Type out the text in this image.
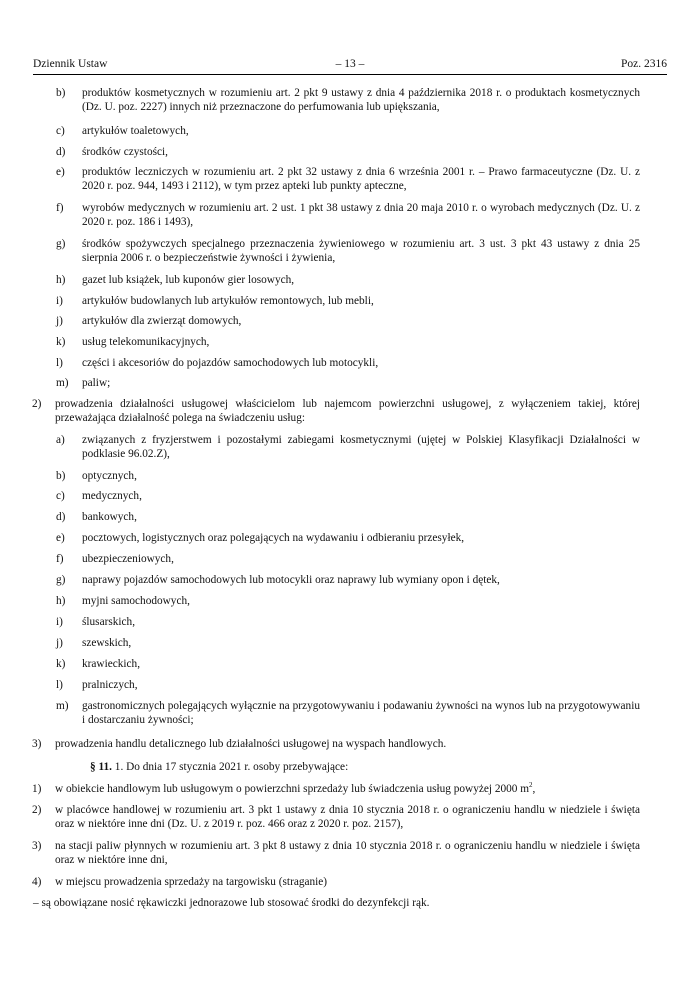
Dziennik Ustaw	– 13 –	Poz. 2316
b) produktów kosmetycznych w rozumieniu art. 2 pkt 9 ustawy z dnia 4 października 2018 r. o produktach kosmetycznych (Dz. U. poz. 2227) innych niż przeznaczone do perfumowania lub upiększania,
c) artykułów toaletowych,
d) środków czystości,
e) produktów leczniczych w rozumieniu art. 2 pkt 32 ustawy z dnia 6 września 2001 r. – Prawo farmaceutyczne (Dz. U. z 2020 r. poz. 944, 1493 i 2112), w tym przez apteki lub punkty apteczne,
f) wyrobów medycznych w rozumieniu art. 2 ust. 1 pkt 38 ustawy z dnia 20 maja 2010 r. o wyrobach medycznych (Dz. U. z 2020 r. poz. 186 i 1493),
g) środków spożywczych specjalnego przeznaczenia żywieniowego w rozumieniu art. 3 ust. 3 pkt 43 ustawy z dnia 25 sierpnia 2006 r. o bezpieczeństwie żywności i żywienia,
h) gazet lub książek, lub kuponów gier losowych,
i) artykułów budowlanych lub artykułów remontowych, lub mebli,
j) artykułów dla zwierząt domowych,
k) usług telekomunikacyjnych,
l) części i akcesoriów do pojazdów samochodowych lub motocykli,
m) paliw;
2) prowadzenia działalności usługowej właścicielom lub najemcom powierzchni usługowej, z wyłączeniem takiej, której przeważająca działalność polega na świadczeniu usług:
a) związanych z fryzjerstwem i pozostałymi zabiegami kosmetycznymi (ujętej w Polskiej Klasyfikacji Działalności w podklasie 96.02.Z),
b) optycznych,
c) medycznych,
d) bankowych,
e) pocztowych, logistycznych oraz polegających na wydawaniu i odbieraniu przesyłek,
f) ubezpieczeniowych,
g) naprawy pojazdów samochodowych lub motocykli oraz naprawy lub wymiany opon i dętek,
h) myjni samochodowych,
i) ślusarskich,
j) szewskich,
k) krawieckich,
l) pralniczych,
m) gastronomicznych polegających wyłącznie na przygotowywaniu i podawaniu żywności na wynos lub na przygotowywaniu i dostarczaniu żywności;
3) prowadzenia handlu detalicznego lub działalności usługowej na wyspach handlowych.
§ 11. 1. Do dnia 17 stycznia 2021 r. osoby przebywające:
1) w obiekcie handlowym lub usługowym o powierzchni sprzedaży lub świadczenia usług powyżej 2000 $m^2$,
2) w placówce handlowej w rozumieniu art. 3 pkt 1 ustawy z dnia 10 stycznia 2018 r. o ograniczeniu handlu w niedziele i święta oraz w niektóre inne dni (Dz. U. z 2019 r. poz. 466 oraz z 2020 r. poz. 2157),
3) na stacji paliw płynnych w rozumieniu art. 3 pkt 8 ustawy z dnia 10 stycznia 2018 r. o ograniczeniu handlu w niedziele i święta oraz w niektóre inne dni,
4) w miejscu prowadzenia sprzedaży na targowisku (straganie)
– są obowiązane nosić rękawiczki jednorazowe lub stosować środki do dezynfekcji rąk.
